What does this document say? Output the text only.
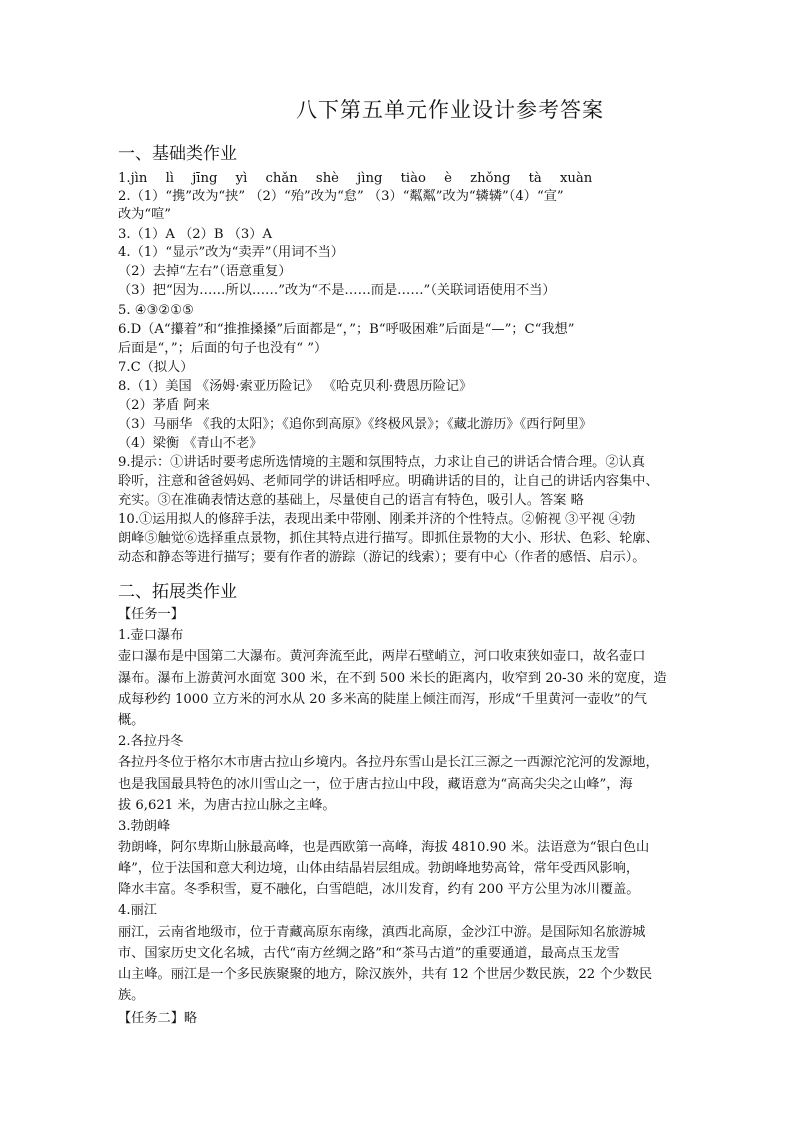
八下第五单元作业设计参考答案
一、基础类作业
1.jìn lì jīng yì chǎn shè jìng tiào è zhǒng tà xuàn
2.（1）“携”改为“挟” （2）“殆”改为“怠” （3）“粼粼”改为“辚辚”（4）“宣”
改为“喧”
3.（1）A （2）B （3）A
4.（1）“显示”改为“卖弄”（用词不当）
（2）去掉“左右”（语意重复）
（3）把“因为……所以……”改为“不是……而是……”（关联词语使用不当）
5. ④③②①⑤
6.D（A“攥着”和“推推搡搡”后面都是“，”；B“呼吸困难”后面是“—”；C“我想”
后面是“，”；后面的句子也没有“ ”）
7.C（拟人）
8.（1）美国 《汤姆·索亚历险记》 《哈克贝利·费恩历险记》
（2）茅盾 阿来
（3）马丽华 《我的太阳》；《追你到高原》《终极风景》；《藏北游历》《西行阿里》
（4）梁衡 《青山不老》
9.提示：①讲话时要考虑所选情境的主题和氛围特点，力求让自己的讲话合情合理。②认真
聆听，注意和爸爸妈妈、老师同学的讲话相呼应。明确讲话的目的，让自己的讲话内容集中、
充实。③在准确表情达意的基础上，尽量使自己的语言有特色，吸引人。答案 略
10.①运用拟人的修辞手法，表现出柔中带刚、刚柔并济的个性特点。②俯视 ③平视 ④勃
朗峰⑤触觉⑥选择重点景物，抓住其特点进行描写。即抓住景物的大小、形状、色彩、轮廓、
动态和静态等进行描写；要有作者的游踪（游记的线索）；要有中心（作者的感悟、启示）。
二、拓展类作业
【任务一】
1.壶口瀑布
壶口瀑布是中国第二大瀑布。黄河奔流至此，两岸石壁峭立，河口收束狭如壶口，故名壶口
瀑布。瀑布上游黄河水面宽 300 米，在不到 500 米长的距离内，收窄到 20-30 米的宽度，造
成每秒约 1000 立方米的河水从 20 多米高的陡崖上倾注而泻，形成“千里黄河一壶收”的气
概。
2.各拉丹冬
各拉丹冬位于格尔木市唐古拉山乡境内。各拉丹东雪山是长江三源之一西源沱沱河的发源地，
也是我国最具特色的冰川雪山之一，位于唐古拉山中段，藏语意为“高高尖尖之山峰”，海
拔 6,621 米，为唐古拉山脉之主峰。
3.勃朗峰
勃朗峰，阿尔卑斯山脉最高峰，也是西欧第一高峰，海拔 4810.90 米。法语意为“银白色山
峰”，位于法国和意大利边境，山体由结晶岩层组成。勃朗峰地势高耸，常年受西风影响，
降水丰富。冬季积雪，夏不融化，白雪皑皑，冰川发育，约有 200 平方公里为冰川覆盖。
4.丽江
丽江，云南省地级市，位于青藏高原东南缘，滇西北高原，金沙江中游。是国际知名旅游城
市、国家历史文化名城，古代“南方丝绸之路”和“茶马古道”的重要通道，最高点玉龙雪
山主峰。丽江是一个多民族聚聚的地方，除汉族外，共有 12 个世居少数民族，22 个少数民
族。
【任务二】略
